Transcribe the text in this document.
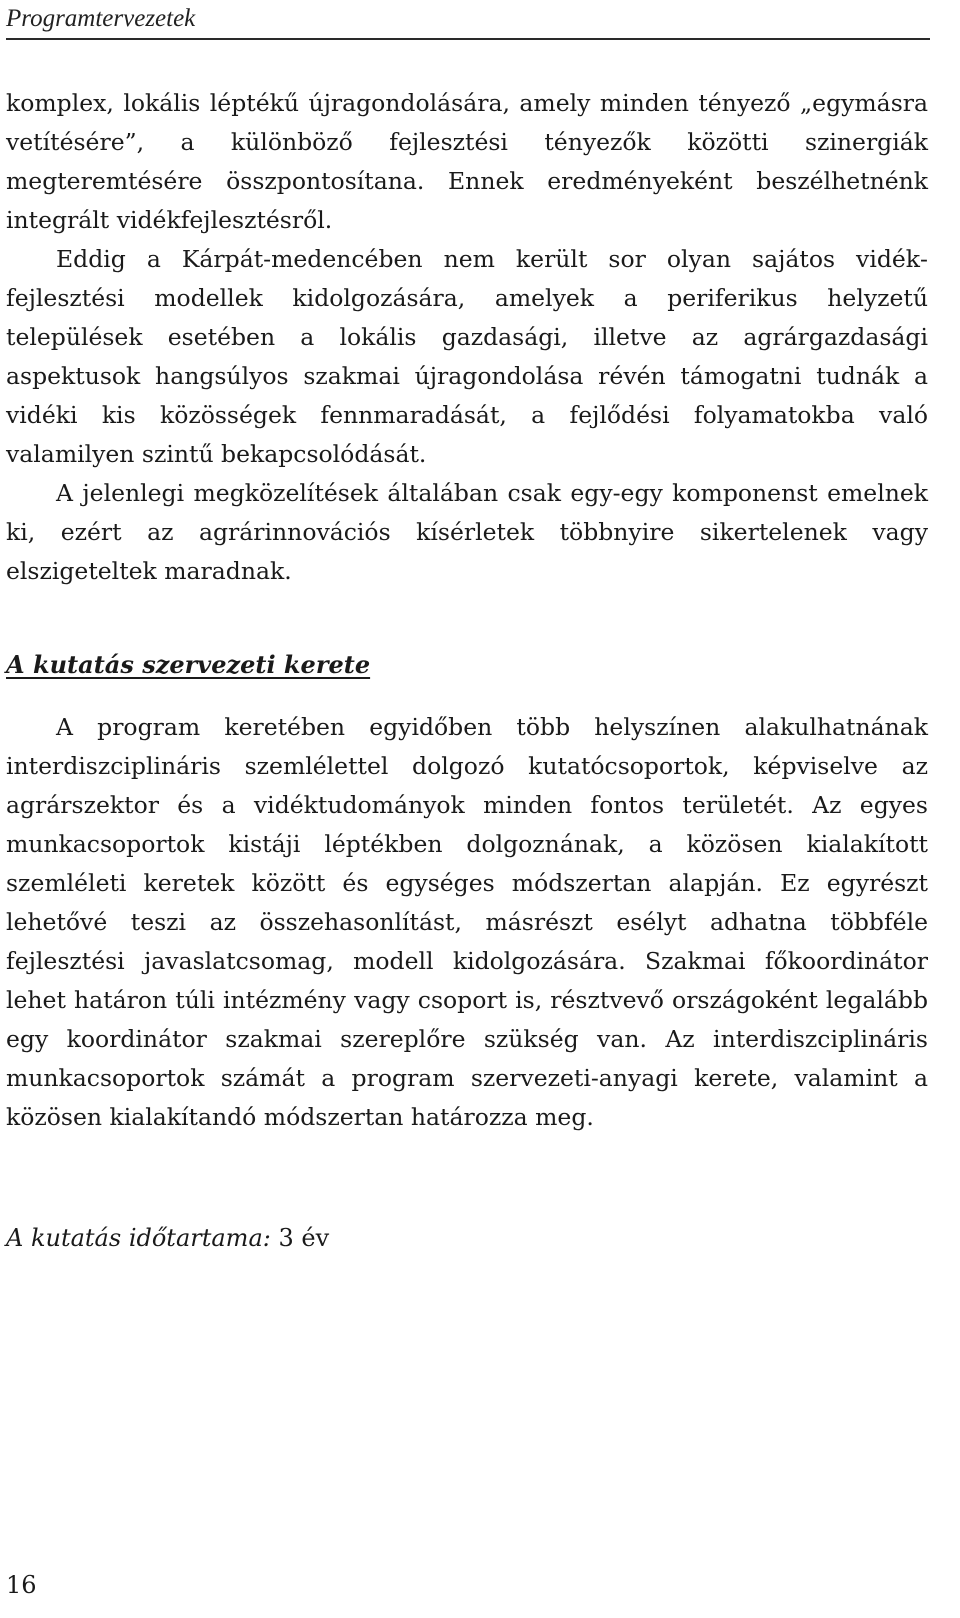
Programtervezetek

komplex, lokális léptékű újragondolására, amely minden tényező „egymásra vetítésére”, a különböző fejlesztési tényezők közötti szinergiák megteremtésére összpontosítana. Ennek eredményeként beszélhetnénk integrált vidékfejlesztésről.

Eddig a Kárpát-medencében nem került sor olyan sajátos vidékfejlesztési modellek kidolgozására, amelyek a periferikus helyzetű települések esetében a lokális gazdasági, illetve az agrárgazdasági aspektusok hangsúlyos szakmai újragondolása révén támogatni tudnák a vidéki kis közösségek fennmaradását, a fejlődési folyamatokba való valamilyen szintű bekapcsolódását.

A jelenlegi megközelítések általában csak egy-egy komponenst emelnek ki, ezért az agrárinnovációs kísérletek többnyire sikertelenek vagy elszigeteltek maradnak.

A kutatás szervezeti kerete

A program keretében egyidőben több helyszínen alakulhatnának interdiszciplináris szemlélettel dolgozó kutatócsoportok, képviselve az agrárszektor és a vidéktudományok minden fontos területét. Az egyes munkacsoportok kistáji léptékben dolgoznának, a közösen kialakított szemléleti keretek között és egységes módszertan alapján. Ez egyrészt lehetővé teszi az összehasonlítást, másrészt esélyt adhatna többféle fejlesztési javaslatcsomag, modell kidolgozására. Szakmai főkoordinátor lehet határon túli intézmény vagy csoport is, résztvevő országoként legalább egy koordinátor szakmai szereplőre szükség van. Az interdiszciplináris munkacsoportok számát a program szervezeti-anyagi kerete, valamint a közösen kialakítandó módszertan határozza meg.

A kutatás időtartama: 3 év
16
